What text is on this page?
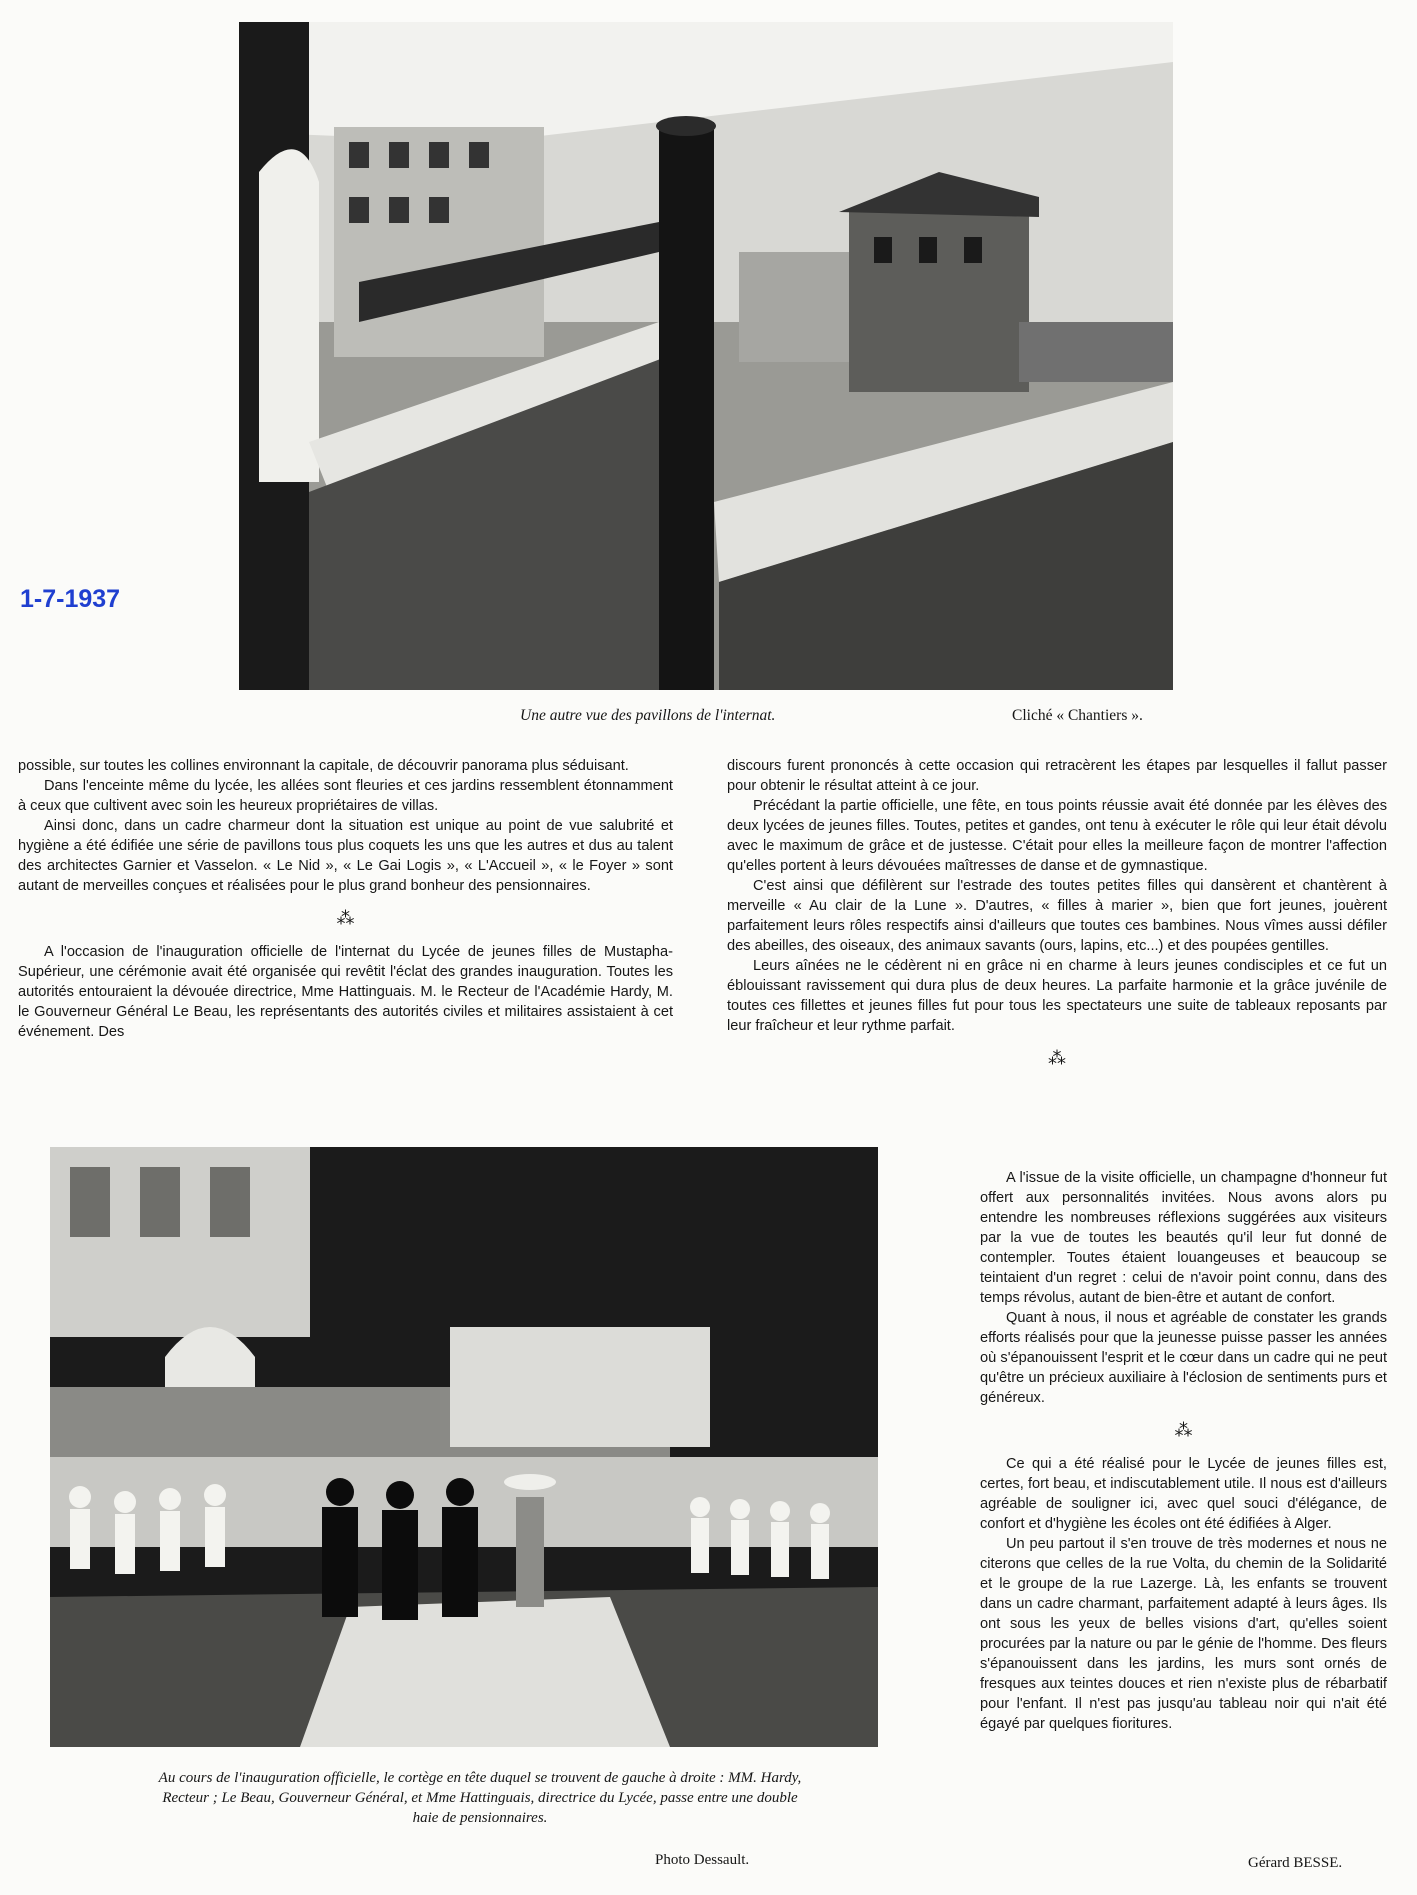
1-7-1937
Une autre vue des pavillons de l'internat.	Cliché « Chantiers ».

possible, sur toutes les collines environnant la capitale, de découvrir panorama plus séduisant.

Dans l'enceinte même du lycée, les allées sont fleuries et ces jardins ressemblent étonnamment à ceux que cultivent avec soin les heureux propriétaires de villas.

Ainsi donc, dans un cadre charmeur dont la situation est unique au point de vue salubrité et hygiène a été édifiée une série de pavillons tous plus coquets les uns que les autres et dus au talent des architectes Garnier et Vasselon. « Le Nid », « Le Gai Logis », « L'Accueil », « le Foyer » sont autant de merveilles conçues et réalisées pour le plus grand bonheur des pensionnaires.

⁂

A l'occasion de l'inauguration officielle de l'internat du Lycée de jeunes filles de Mustapha-Supérieur, une cérémonie avait été organisée qui revêtit l'éclat des grandes inauguration. Toutes les autorités entouraient la dévouée directrice, Mme Hattinguais. M. le Recteur de l'Académie Hardy, M. le Gouverneur Général Le Beau, les représentants des autorités civiles et militaires assistaient à cet événement. Des

discours furent prononcés à cette occasion qui retracèrent les étapes par lesquelles il fallut passer pour obtenir le résultat atteint à ce jour.

Précédant la partie officielle, une fête, en tous points réussie avait été donnée par les élèves des deux lycées de jeunes filles. Toutes, petites et gandes, ont tenu à exécuter le rôle qui leur était dévolu avec le maximum de grâce et de justesse. C'était pour elles la meilleure façon de montrer l'affection qu'elles portent à leurs dévouées maîtresses de danse et de gymnastique.

C'est ainsi que défilèrent sur l'estrade des toutes petites filles qui dansèrent et chantèrent à merveille « Au clair de la Lune ». D'autres, « filles à marier », bien que fort jeunes, jouèrent parfaitement leurs rôles respectifs ainsi d'ailleurs que toutes ces bambines. Nous vîmes aussi défiler des abeilles, des oiseaux, des animaux savants (ours, lapins, etc...) et des poupées gentilles.

Leurs aînées ne le cédèrent ni en grâce ni en charme à leurs jeunes condisciples et ce fut un éblouissant ravissement qui dura plus de deux heures. La parfaite harmonie et la grâce juvénile de toutes ces fillettes et jeunes filles fut pour tous les spectateurs une suite de tableaux reposants par leur fraîcheur et leur rythme parfait.

⁂

A l'issue de la visite officielle, un champagne d'honneur fut offert aux personnalités invitées. Nous avons alors pu entendre les nombreuses réflexions suggérées aux visiteurs par la vue de toutes les beautés qu'il leur fut donné de contempler. Toutes étaient louangeuses et beaucoup se teintaient d'un regret : celui de n'avoir point connu, dans des temps révolus, autant de bien-être et autant de confort.

Quant à nous, il nous et agréable de constater les grands efforts réalisés pour que la jeunesse puisse passer les années où s'épanouissent l'esprit et le cœur dans un cadre qui ne peut qu'être un précieux auxiliaire à l'éclosion de sentiments purs et généreux.

⁂

Ce qui a été réalisé pour le Lycée de jeunes filles est, certes, fort beau, et indiscutablement utile. Il nous est d'ailleurs agréable de souligner ici, avec quel souci d'élégance, de confort et d'hygiène les écoles ont été édifiées à Alger.

Un peu partout il s'en trouve de très modernes et nous ne citerons que celles de la rue Volta, du chemin de la Solidarité et le groupe de la rue Lazerge. Là, les enfants se trouvent dans un cadre charmant, parfaitement adapté à leurs âges. Ils ont sous les yeux de belles visions d'art, qu'elles soient procurées par la nature ou par le génie de l'homme. Des fleurs s'épanouissent dans les jardins, les murs sont ornés de fresques aux teintes douces et rien n'existe plus de rébarbatif pour l'enfant. Il n'est pas jusqu'au tableau noir qui n'ait été égayé par quelques fioritures.

Au cours de l'inauguration officielle, le cortège en tête duquel se trouvent de gauche à droite : MM. Hardy, Recteur ; Le Beau, Gouverneur Général, et Mme Hattinguais, directrice du Lycée, passe entre une double haie de pensionnaires.
Photo Dessault.	Gérard BESSE.
